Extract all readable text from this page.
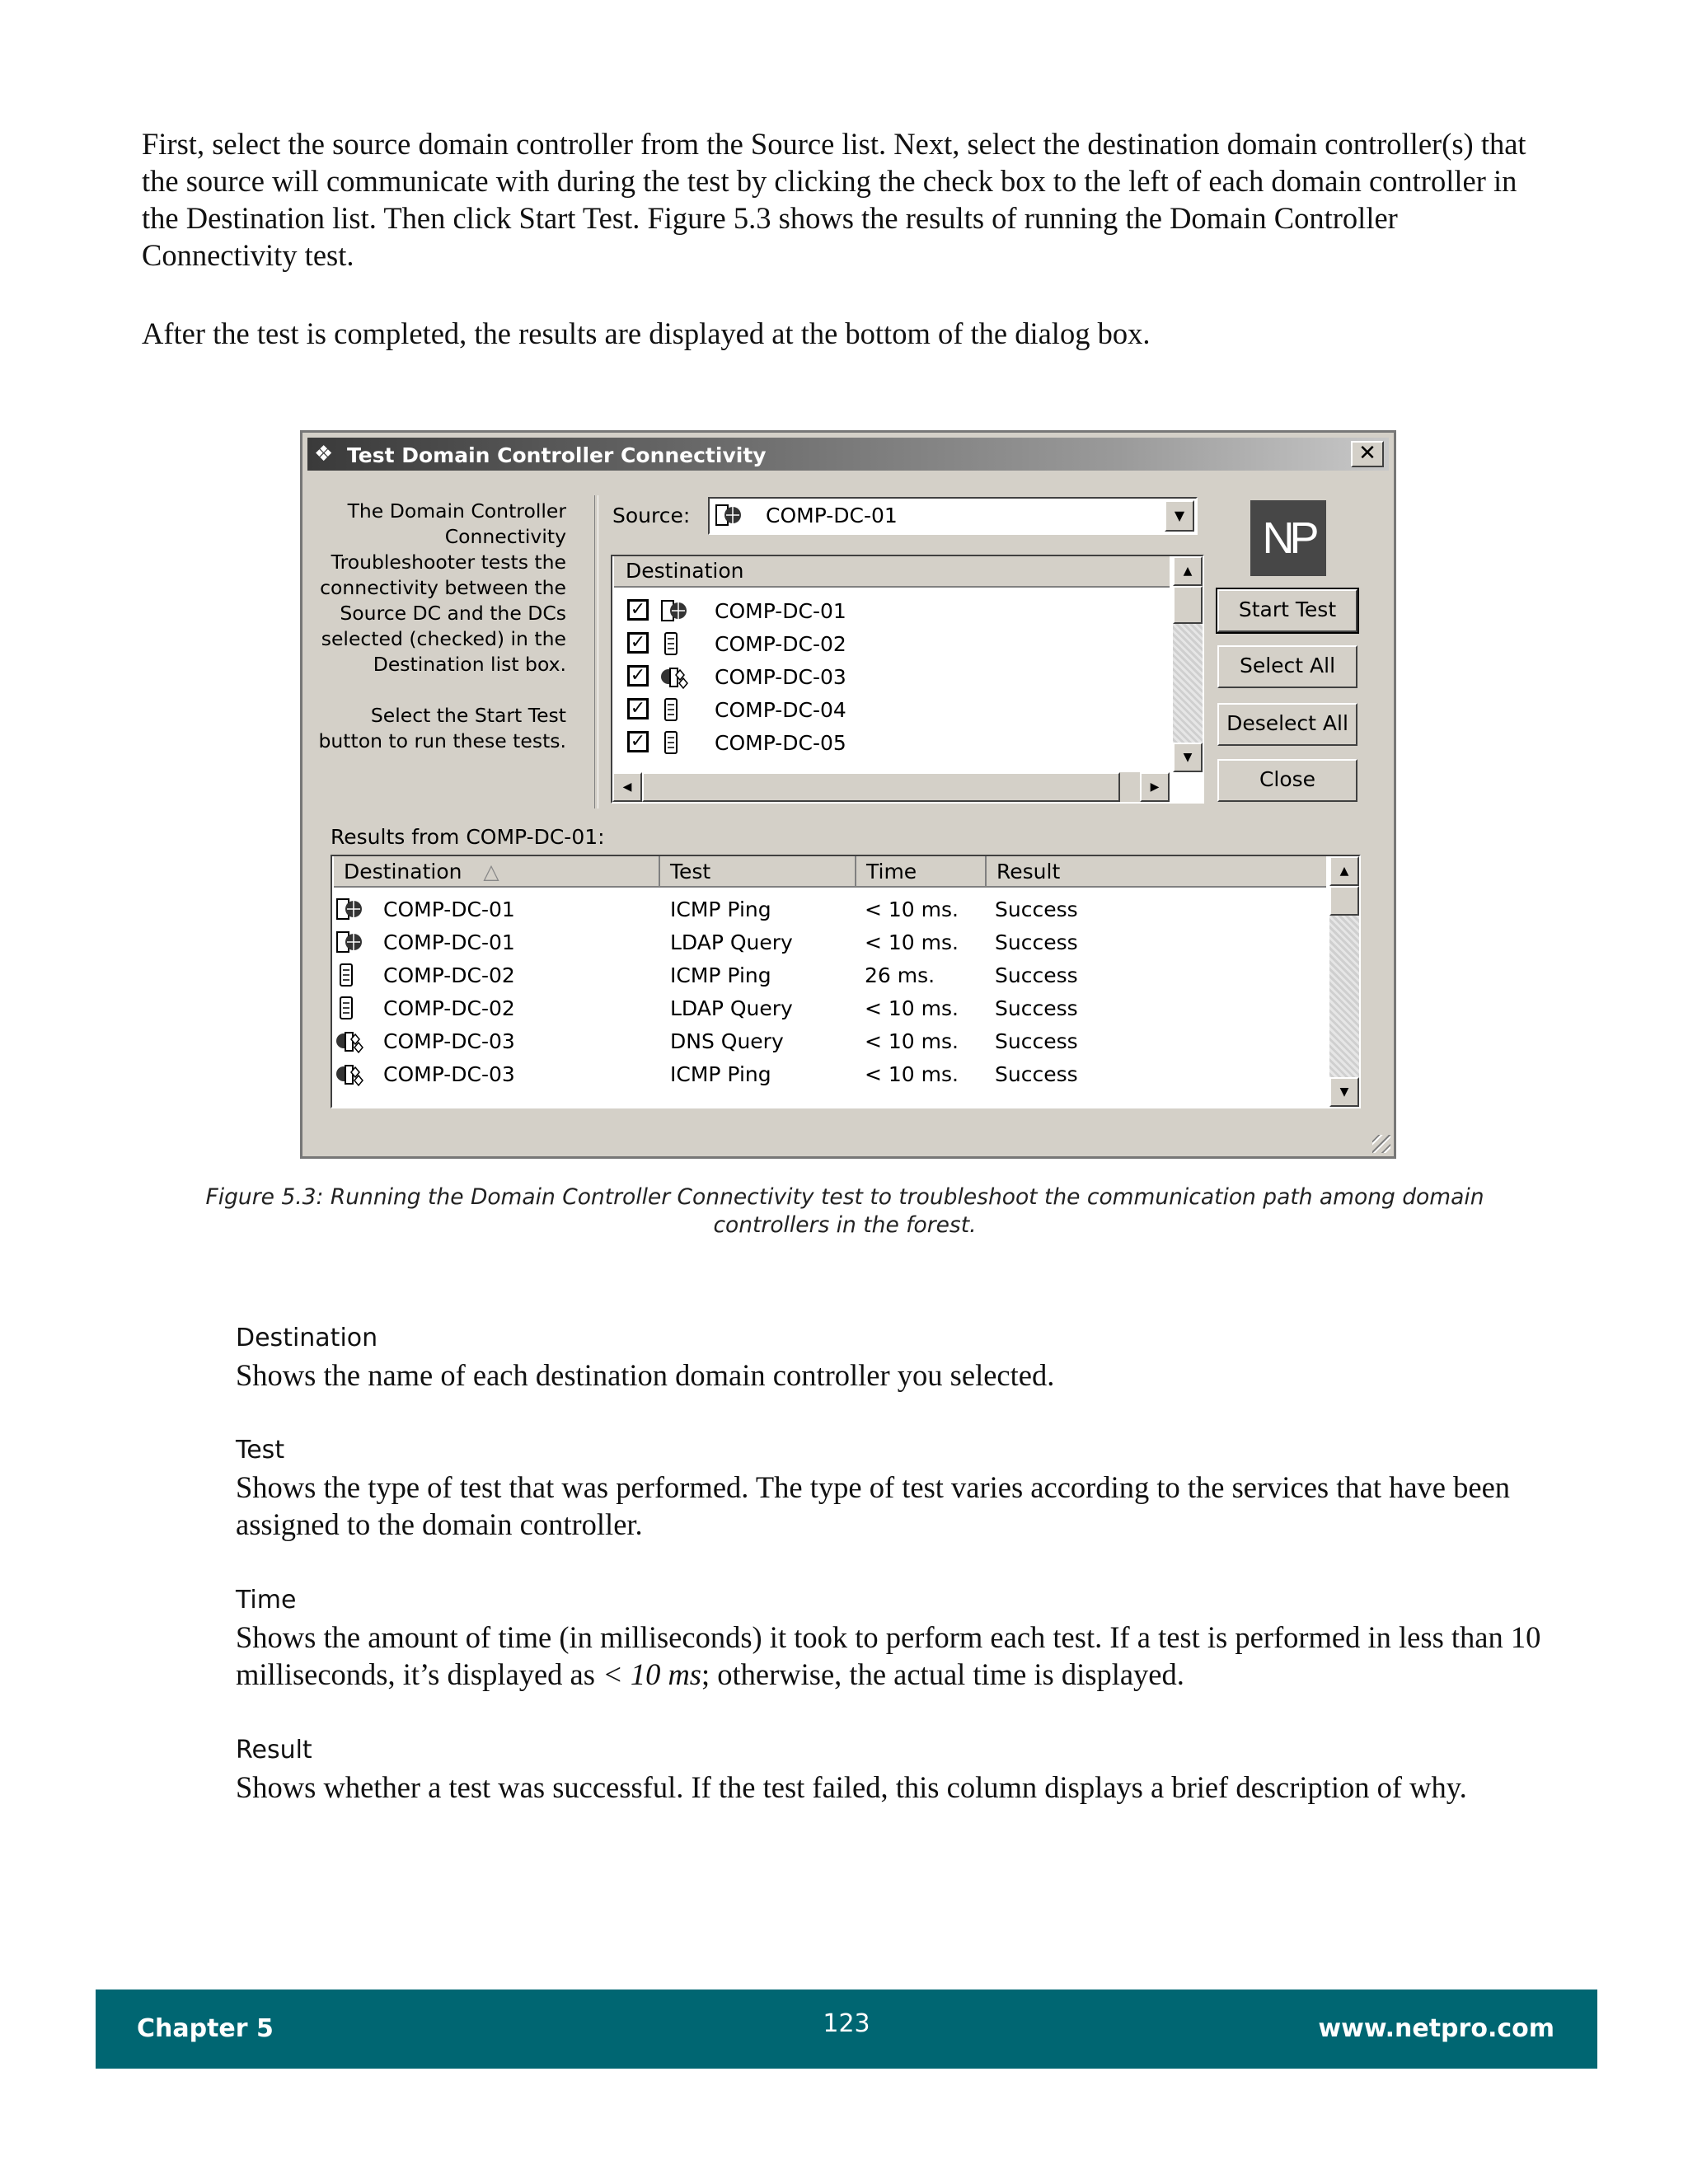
First, select the source domain controller from the Source list. Next, select the destination domain controller(s) that the source will communicate with during the test by clicking the check box to the left of each domain controller in the Destination list. Then click Start Test. Figure 5.3 shows the results of running the Domain Controller Connectivity test.

After the test is completed, the results are displayed at the bottom of the dialog box.

❖ Test Domain Controller Connectivity	✕
The Domain Controller Connectivity Troubleshooter tests the connectivity between the Source DC and the DCs selected (checked) in the Destination list box.

Select the Start Test button to run these tests.
Source:	COMP-DC-01	▼
Destination	▲
▼
✓	COMP-DC-01
✓	COMP-DC-02
✓	COMP-DC-03
✓	COMP-DC-04
✓	COMP-DC-05
◀	▶
NP
Start Test
Select All
Deselect All
Close
Results from COMP-DC-01:
Destination △	Test	Time	Result	▲
▼
COMP-DC-01	ICMP Ping	< 10 ms. Success
COMP-DC-01	LDAP Query	< 10 ms. Success
COMP-DC-02	ICMP Ping	26 ms.	Success
COMP-DC-02	LDAP Query	< 10 ms. Success
COMP-DC-03	DNS Query	< 10 ms. Success
COMP-DC-03	ICMP Ping	< 10 ms. Success
Figure 5.3: Running the Domain Controller Connectivity test to troubleshoot the communication path among domain controllers in the forest.
Destination

Shows the name of each destination domain controller you selected.

Test

Shows the type of test that was performed. The type of test varies according to the services that have been assigned to the domain controller.

Time

Shows the amount of time (in milliseconds) it took to perform each test. If a test is performed in less than 10 milliseconds, it’s displayed as < 10 ms; otherwise, the actual time is displayed.

Result

Shows whether a test was successful. If the test failed, this column displays a brief description of why.

Chapter 5	123	www.netpro.com
